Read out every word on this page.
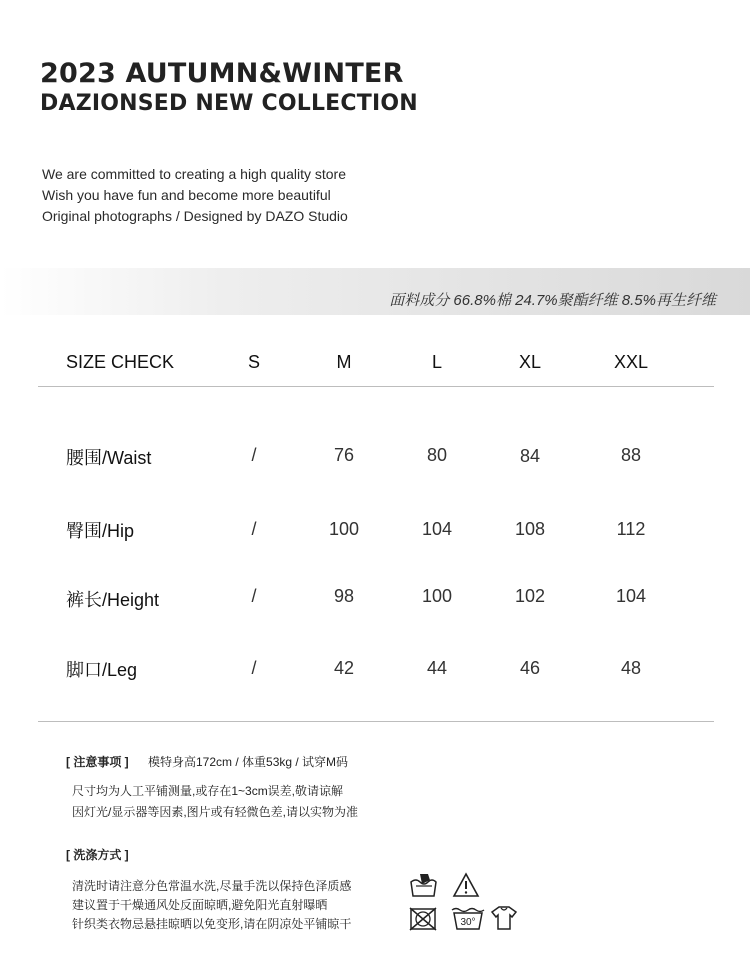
2023 AUTUMN&WINTER
DAZIONSED NEW COLLECTION
We are committed to creating a high quality store
Wish you have fun and become more beautiful
Original photographs / Designed by DAZO Studio
面料成分 66.8%棉 24.7%聚酯纤维 8.5%再生纤维
SIZE CHECK	S	M	L	XL	XXL
腰围/Waist	/	76	80	84	88
臀围/Hip	/	100	104	108	112
裤长/Height	/	98	100	102	104
脚口/Leg	/	42	44	46	48
[ 注意事项 ] 模特身高172cm / 体重53kg / 试穿M码
尺寸均为人工平铺测量,或存在1~3cm误差,敬请谅解
因灯光/显示器等因素,图片或有轻微色差,请以实物为准
[ 洗涤方式 ]
清洗时请注意分色常温水洗,尽量手洗以保持色泽质感
建议置于干燥通风处反面晾晒,避免阳光直射曝晒
针织类衣物忌悬挂晾晒以免变形,请在阴凉处平铺晾干	30°
